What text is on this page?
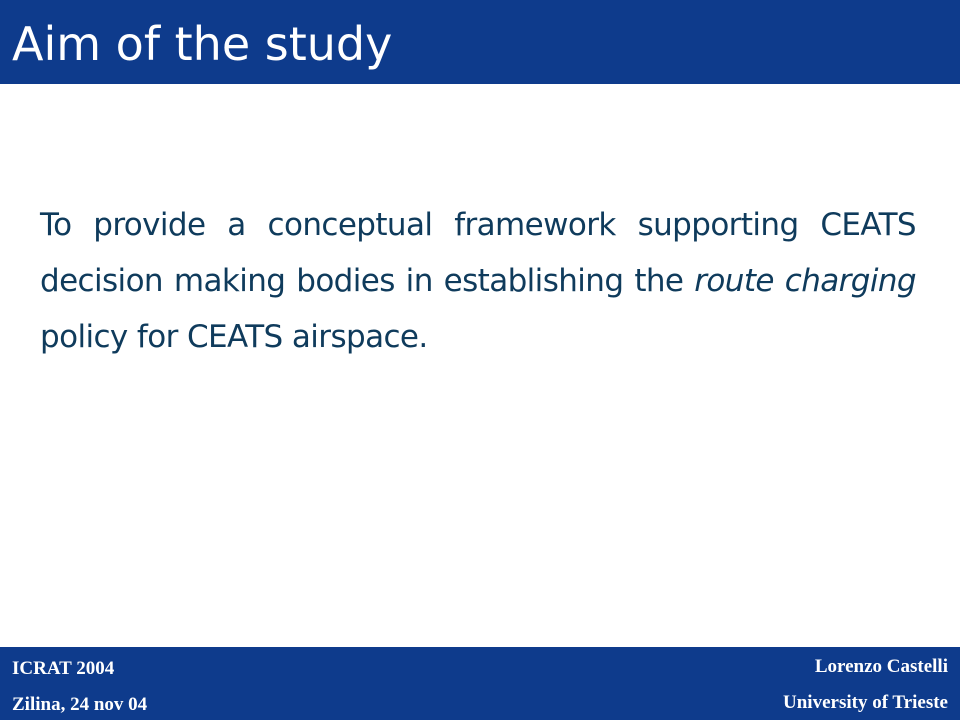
Aim of the study

To provide a conceptual framework supporting CEATS decision making bodies in establishing the route charging policy for CEATS airspace.

ICRAT 2004
Zilina, 24 nov 04
Lorenzo Castelli
University of Trieste
